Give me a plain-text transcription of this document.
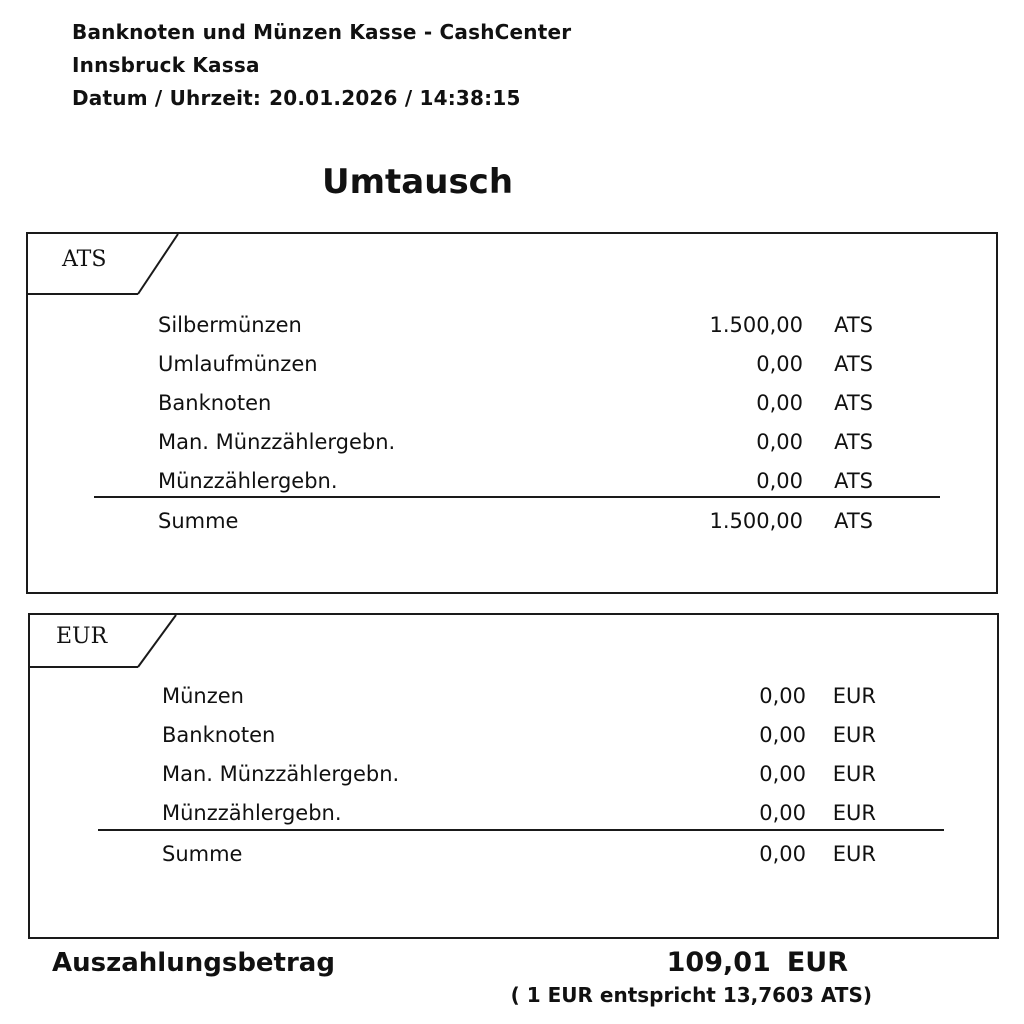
Banknoten und Münzen Kasse - CashCenter
Innsbruck Kassa
Datum / Uhrzeit: 20.01.2026 / 14:38:15
Umtausch
ATS
Silbermünzen	1.500,00 ATS
Umlaufmünzen	0,00 ATS
Banknoten	0,00 ATS
Man. Münzzählergebn.	0,00 ATS
Münzzählergebn.	0,00 ATS
Summe	1.500,00 ATS
EUR
Münzen	0,00 EUR
Banknoten	0,00 EUR
Man. Münzzählergebn.	0,00 EUR
Münzzählergebn.	0,00 EUR
Summe	0,00 EUR
Auszahlungsbetrag	109,01 EUR
( 1 EUR entspricht 13,7603 ATS)
